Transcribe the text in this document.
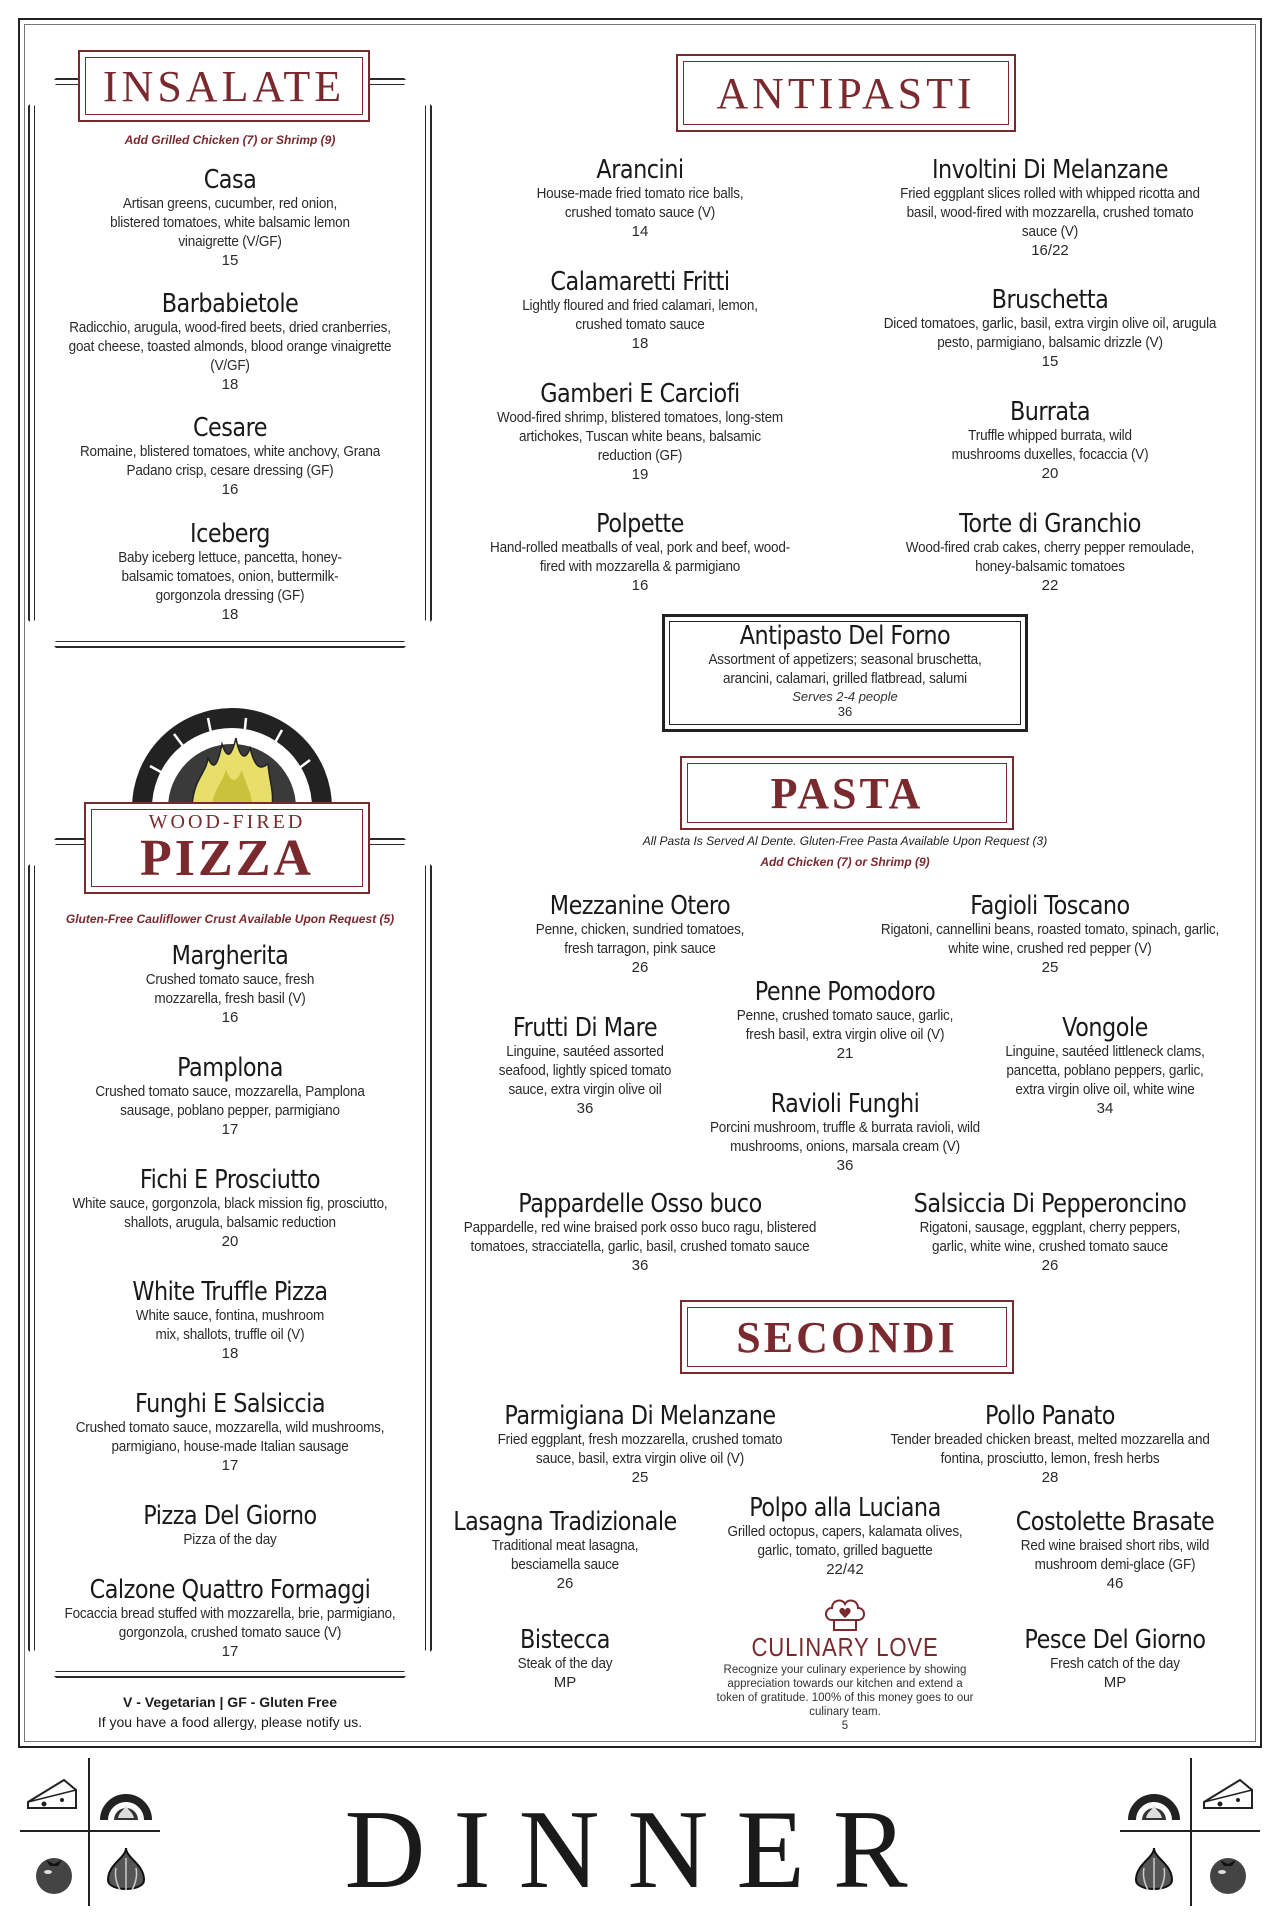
INSALATE
Add Grilled Chicken (7) or Shrimp (9)
Casa
Artisan greens, cucumber, red onion, blistered tomatoes, white balsamic lemon vinaigrette (V/GF)
15
Barbabietole
Radicchio, arugula, wood-fired beets, dried cranberries, goat cheese, toasted almonds, blood orange vinaigrette (V/GF)
18
Cesare
Romaine, blistered tomatoes, white anchovy, Grana Padano crisp, cesare dressing (GF)
16
Iceberg
Baby iceberg lettuce, pancetta, honey-balsamic tomatoes, onion, buttermilk-gorgonzola dressing (GF)
18
WOOD-FIRED
PIZZA
Gluten-Free Cauliflower Crust Available Upon Request (5)
Margherita
Crushed tomato sauce, fresh mozzarella, fresh basil (V)
16
Pamplona
Crushed tomato sauce, mozzarella, Pamplona sausage, poblano pepper, parmigiano
17
Fichi E Prosciutto
White sauce, gorgonzola, black mission fig, prosciutto, shallots, arugula, balsamic reduction
20
White Truffle Pizza
White sauce, fontina, mushroom mix, shallots, truffle oil (V)
18
Funghi E Salsiccia
Crushed tomato sauce, mozzarella, wild mushrooms, parmigiano, house-made Italian sausage
17
Pizza Del Giorno
Pizza of the day
Calzone Quattro Formaggi
Focaccia bread stuffed with mozzarella, brie, parmigiano, gorgonzola, crushed tomato sauce (V)
17
V - Vegetarian | GF - Gluten Free
If you have a food allergy, please notify us.
ANTIPASTI
Arancini
House-made fried tomato rice balls, crushed tomato sauce (V)
14
Involtini Di Melanzane
Fried eggplant slices rolled with whipped ricotta and basil, wood-fired with mozzarella, crushed tomato sauce (V)
16/22
Calamaretti Fritti
Lightly floured and fried calamari, lemon, crushed tomato sauce
18
Bruschetta
Diced tomatoes, garlic, basil, extra virgin olive oil, arugula pesto, parmigiano, balsamic drizzle (V)
15
Gamberi E Carciofi
Wood-fired shrimp, blistered tomatoes, long-stem artichokes, Tuscan white beans, balsamic reduction (GF)
19
Burrata
Truffle whipped burrata, wild mushrooms duxelles, focaccia (V)
20
Polpette
Hand-rolled meatballs of veal, pork and beef, wood-fired with mozzarella & parmigiano
16
Torte di Granchio
Wood-fired crab cakes, cherry pepper remoulade, honey-balsamic tomatoes
22
Antipasto Del Forno
Assortment of appetizers; seasonal bruschetta, arancini, calamari, grilled flatbread, salumi
Serves 2-4 people
36
PASTA
All Pasta Is Served Al Dente. Gluten-Free Pasta Available Upon Request (3)
Add Chicken (7) or Shrimp (9)
Mezzanine Otero
Penne, chicken, sundried tomatoes, fresh tarragon, pink sauce
26
Fagioli Toscano
Rigatoni, cannellini beans, roasted tomato, spinach, garlic, white wine, crushed red pepper (V)
25
Penne Pomodoro
Penne, crushed tomato sauce, garlic, fresh basil, extra virgin olive oil (V)
21
Frutti Di Mare
Linguine, sautéed assorted seafood, lightly spiced tomato sauce, extra virgin olive oil
36
Vongole
Linguine, sautéed littleneck clams, pancetta, poblano peppers, garlic, extra virgin olive oil, white wine
34
Ravioli Funghi
Porcini mushroom, truffle & burrata ravioli, wild mushrooms, onions, marsala cream (V)
36
Pappardelle Osso buco
Pappardelle, red wine braised pork osso buco ragu, blistered tomatoes, stracciatella, garlic, basil, crushed tomato sauce
36
Salsiccia Di Pepperoncino
Rigatoni, sausage, eggplant, cherry peppers, garlic, white wine, crushed tomato sauce
26
SECONDI
Parmigiana Di Melanzane
Fried eggplant, fresh mozzarella, crushed tomato sauce, basil, extra virgin olive oil (V)
25
Pollo Panato
Tender breaded chicken breast, melted mozzarella and fontina, prosciutto, lemon, fresh herbs
28
Polpo alla Luciana
Grilled octopus, capers, kalamata olives, garlic, tomato, grilled baguette
22/42
Lasagna Tradizionale
Traditional meat lasagna, besciamella sauce
26
Costolette Brasate
Red wine braised short ribs, wild mushroom demi-glace (GF)
46
CULINARY LOVE
Recognize your culinary experience by showing appreciation towards our kitchen and extend a token of gratitude. 100% of this money goes to our culinary team.
5
Bistecca
Steak of the day
MP
Pesce Del Giorno
Fresh catch of the day
MP
DINNER
